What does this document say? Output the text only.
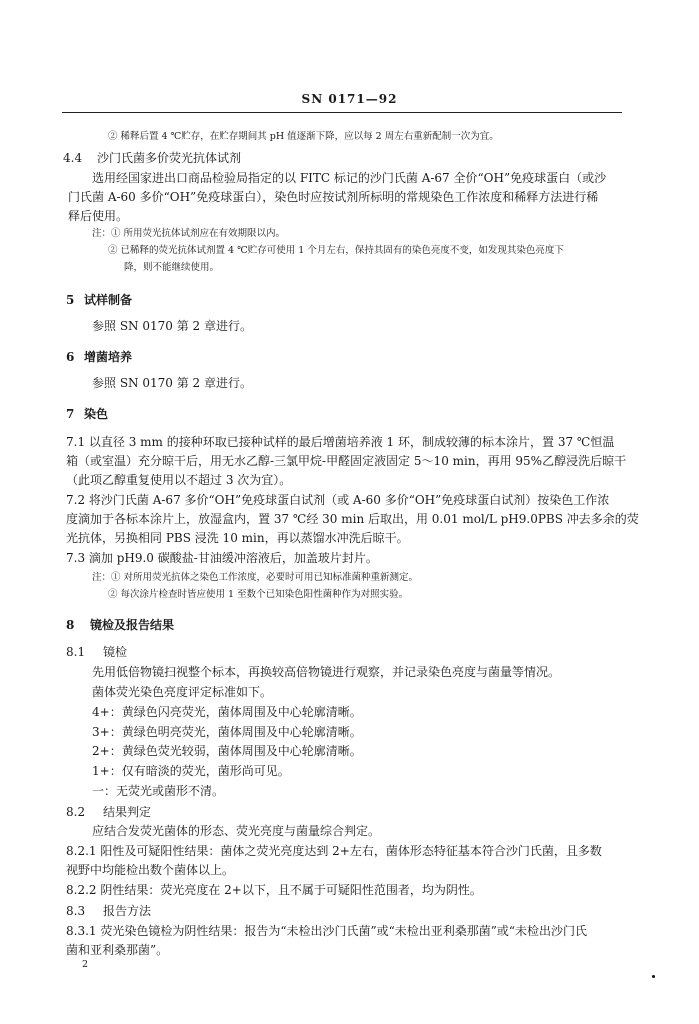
SN 0171—92
② 稀释后置 4 ℃贮存，在贮存期间其 pH 值逐渐下降，应以每 2 周左右重新配制一次为宜。
4.4 沙门氏菌多价荧光抗体试剂
选用经国家进出口商品检验局指定的以 FITC 标记的沙门氏菌 A-67 全价“OH”免疫球蛋白（或沙
门氏菌 A-60 多价“OH”免疫球蛋白），染色时应按试剂所标明的常规染色工作浓度和稀释方法进行稀
释后使用。
注：① 所用荧光抗体试剂应在有效期限以内。
② 已稀释的荧光抗体试剂置 4 ℃贮存可使用 1 个月左右，保持其固有的染色亮度不变，如发现其染色亮度下
降，则不能继续使用。
5 试样制备
参照 SN 0170 第 2 章进行。
6 增菌培养
参照 SN 0170 第 2 章进行。
7 染色
7.1 以直径 3 mm 的接种环取已接种试样的最后增菌培养液 1 环，制成较薄的标本涂片，置 37 ℃恒温
箱（或室温）充分晾干后，用无水乙醇-三氯甲烷-甲醛固定液固定 5～10 min，再用 95%乙醇浸洗后晾干
（此项乙醇重复使用以不超过 3 次为宜）。
7.2 将沙门氏菌 A-67 多价“OH”免疫球蛋白试剂（或 A-60 多价“OH”免疫球蛋白试剂）按染色工作浓
度滴加于各标本涂片上，放湿盒内，置 37 ℃经 30 min 后取出，用 0.01 mol/L pH9.0PBS 冲去多余的荧
光抗体，另换相同 PBS 浸洗 10 min，再以蒸馏水冲洗后晾干。
7.3 滴加 pH9.0 碳酸盐-甘油缓冲溶液后，加盖玻片封片。
注：① 对所用荧光抗体之染色工作浓度，必要时可用已知标准菌种重新测定。
② 每次涂片检查时皆应使用 1 至数个已知染色阳性菌种作为对照实验。
8 镜检及报告结果
8.1 镜检
先用低倍物镜扫视整个标本，再换较高倍物镜进行观察，并记录染色亮度与菌量等情况。
菌体荧光染色亮度评定标准如下。
4+：黄绿色闪亮荧光，菌体周围及中心轮廓清晰。
3+：黄绿色明亮荧光，菌体周围及中心轮廓清晰。
2+：黄绿色荧光较弱，菌体周围及中心轮廓清晰。
1+：仅有暗淡的荧光，菌形尚可见。
一：无荧光或菌形不清。
8.2 结果判定
应结合发荧光菌体的形态、荧光亮度与菌量综合判定。
8.2.1 阳性及可疑阳性结果：菌体之荧光亮度达到 2+左右，菌体形态特征基本符合沙门氏菌，且多数
视野中均能检出数个菌体以上。
8.2.2 阴性结果：荧光亮度在 2+以下，且不属于可疑阳性范围者，均为阴性。
8.3 报告方法
8.3.1 荧光染色镜检为阴性结果：报告为“未检出沙门氏菌”或“未检出亚利桑那菌”或“未检出沙门氏
菌和亚利桑那菌”。
2
